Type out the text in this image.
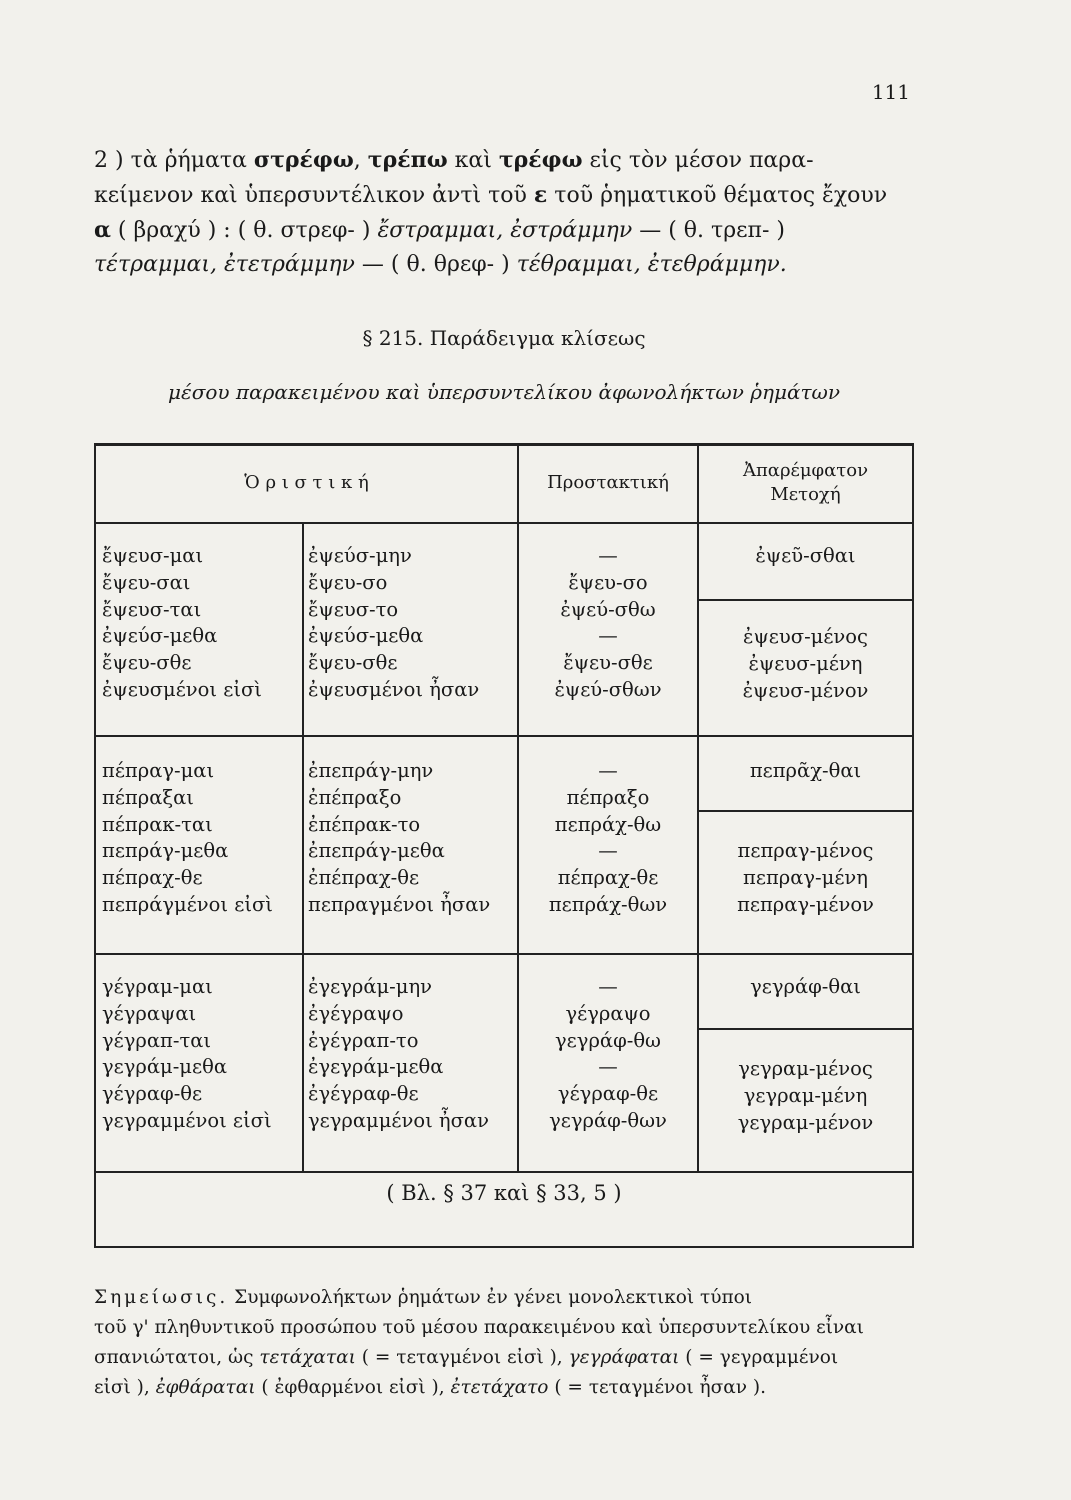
111
2 ) τὰ ῥήματα στρέφω, τρέπω καὶ τρέφω εἰς τὸν μέσον παρα-
κείμενον καὶ ὑπερσυντέλικον ἀντὶ τοῦ ε τοῦ ῥηματικοῦ θέματος ἔχουν
α ( βραχύ ) : ( θ. στρεφ- ) ἔστραμμαι, ἐστράμμην — ( θ. τρεπ- )
τέτραμμαι, ἐτετράμμην — ( θ. θρεφ- ) τέθραμμαι, ἐτεθράμμην.
§ 215. Παράδειγμα κλίσεως
μέσου παρακειμένου καὶ ὑπερσυντελίκου ἀφωνολήκτων ῥημάτων
Ὁ ρ ι σ τ ι κ ή	Προστακτική
Ἀπαρέμφατον
Μετοχή
ἔψευσ-μαι
ἔψευ-σαι
ἔψευσ-ται
ἐψεύσ-μεθα
ἔψευ-σθε
ἐψευσμένοι εἰσὶ
ἐψεύσ-μην
ἔψευ-σο
ἔψευσ-το
ἐψεύσ-μεθα
ἔψευ-σθε
ἐψευσμένοι ἦσαν
—
ἔψευ-σο
ἐψεύ-σθω
—
ἔψευ-σθε
ἐψεύ-σθων
ἐψεῦ-σθαι
ἐψευσ-μένος
ἐψευσ-μένη
ἐψευσ-μένον
πέπραγ-μαι
πέπραξαι
πέπρακ-ται
πεπράγ-μεθα
πέπραχ-θε
πεπράγμένοι εἰσὶ
ἐπεπράγ-μην
ἐπέπραξο
ἐπέπρακ-το
ἐπεπράγ-μεθα
ἐπέπραχ-θε
πεπραγμένοι ἦσαν
—
πέπραξο
πεπράχ-θω
—
πέπραχ-θε
πεπράχ-θων
πεπρᾶχ-θαι
πεπραγ-μένος
πεπραγ-μένη
πεπραγ-μένον
γέγραμ-μαι
γέγραψαι
γέγραπ-ται
γεγράμ-μεθα
γέγραφ-θε
γεγραμμένοι εἰσὶ
ἐγεγράμ-μην
ἐγέγραψο
ἐγέγραπ-το
ἐγεγράμ-μεθα
ἐγέγραφ-θε
γεγραμμένοι ἦσαν
—
γέγραψο
γεγράφ-θω
—
γέγραφ-θε
γεγράφ-θων
γεγράφ-θαι
γεγραμ-μένος
γεγραμ-μένη
γεγραμ-μένον
( Βλ. § 37 καὶ § 33, 5 )
Σημείωσις. Συμφωνολήκτων ῥημάτων ἐν γένει μονολεκτικοὶ τύποι
τοῦ γ' πληθυντικοῦ προσώπου τοῦ μέσου παρακειμένου καὶ ὑπερσυντελίκου εἶναι
σπανιώτατοι, ὡς τετάχαται ( = τεταγμένοι εἰσὶ ), γεγράφαται ( = γεγραμμένοι
εἰσὶ ), ἐφθάραται ( ἐφθαρμένοι εἰσὶ ), ἐτετάχατο ( = τεταγμένοι ἦσαν ).
